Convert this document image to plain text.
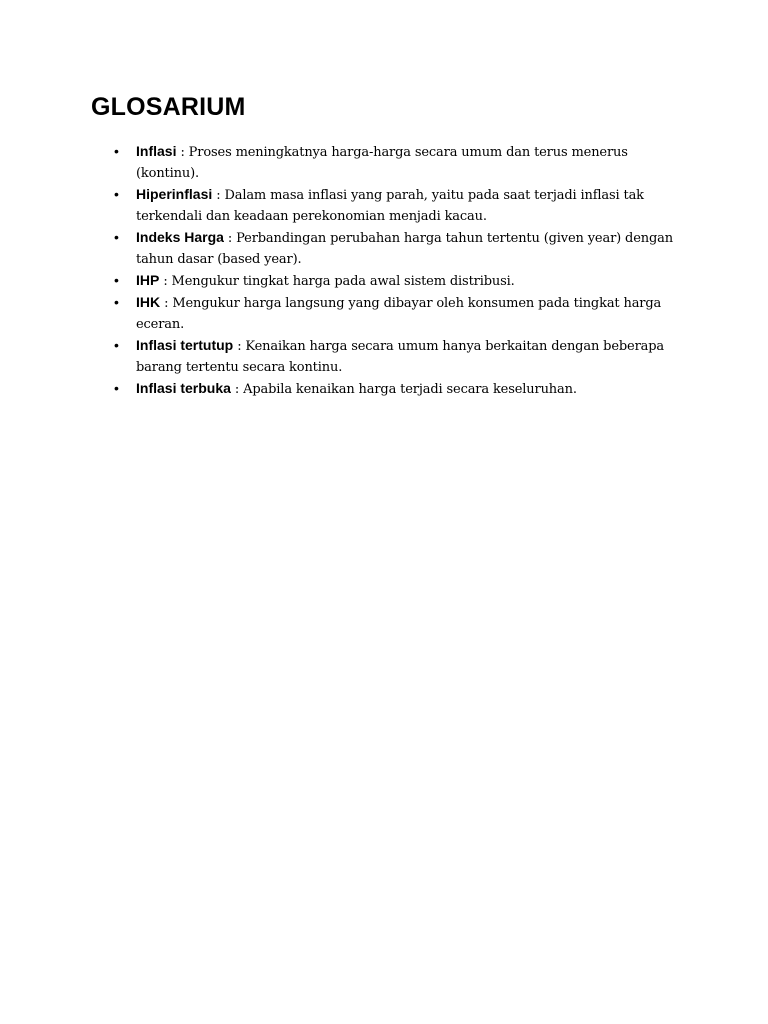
GLOSARIUM
• Inflasi : Proses meningkatnya harga-harga secara umum dan terus menerus (kontinu).
• Hiperinflasi : Dalam masa inflasi yang parah, yaitu pada saat terjadi inflasi tak terkendali dan keadaan perekonomian menjadi kacau.
• Indeks Harga : Perbandingan perubahan harga tahun tertentu (given year) dengan tahun dasar (based year).
• IHP : Mengukur tingkat harga pada awal sistem distribusi.
• IHK : Mengukur harga langsung yang dibayar oleh konsumen pada tingkat harga eceran.
• Inflasi tertutup : Kenaikan harga secara umum hanya berkaitan dengan beberapa barang tertentu secara kontinu.
• Inflasi terbuka : Apabila kenaikan harga terjadi secara keseluruhan.
